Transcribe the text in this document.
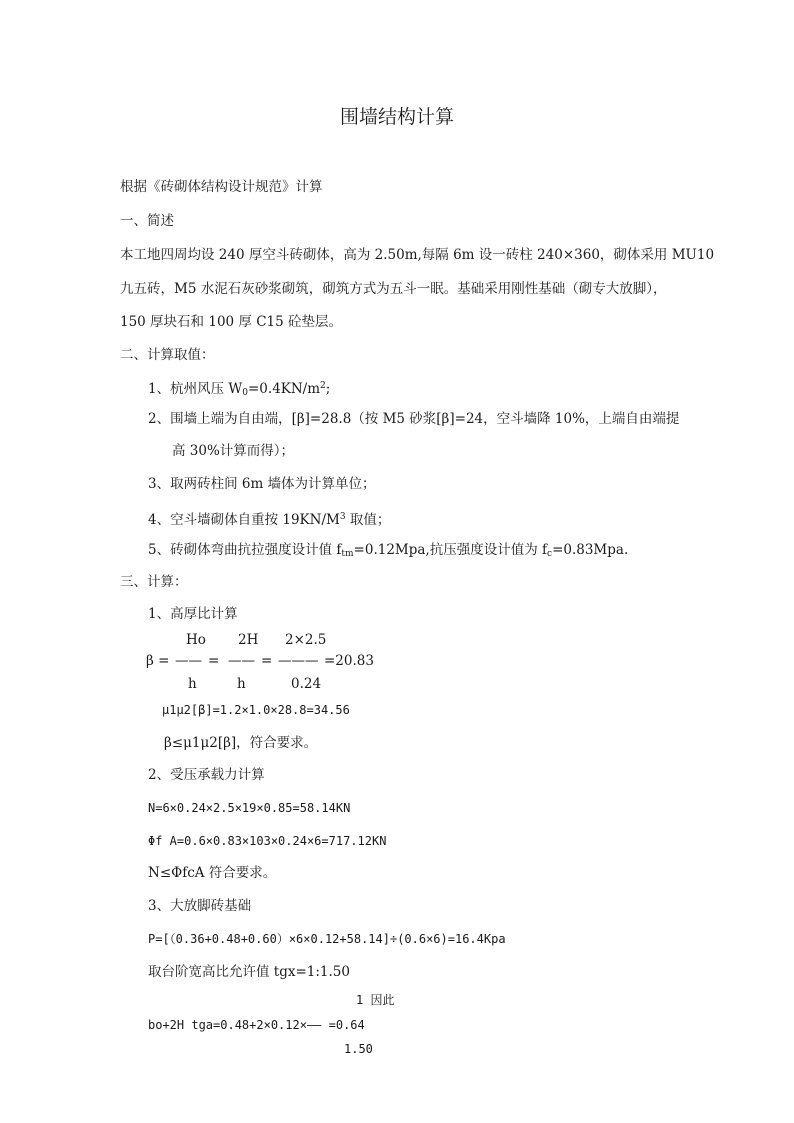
围墙结构计算
根据《砖砌体结构设计规范》计算
一、简述
本工地四周均设 240 厚空斗砖砌体，高为 2.50m,每隔 6m 设一砖柱 240×360，砌体采用 MU10
九五砖，M5 水泥石灰砂浆砌筑，砌筑方式为五斗一眠。基础采用刚性基础（砌专大放脚），
150 厚块石和 100 厚 C15 砼垫层。
二、计算取值：
1、杭州风压 $W_0=0.4KN/m^2$;
2、围墙上端为自由端，[β]=28.8（按 M5 砂浆[β]=24，空斗墙降 10%，上端自由端提
高 30%计算而得）；
3、取两砖柱间 6m 墙体为计算单位；
4、空斗墙砌体自重按 $19KN/M^3$ 取值；
5、砖砌体弯曲抗拉强度设计值 $f_{tm}=0.12Mpa$,抗压强度设计值为 $f_c=0.83Mpa$.
三、计算：
1、高厚比计算
Ho 2H 2×2.5
β = —— = —— = ——— =20.83
h	h	0.24
μ1μ2[β]=1.2×1.0×28.8=34.56
β≤μ1μ2[β]，符合要求。
2、受压承载力计算
N=6×0.24×2.5×19×0.85=58.14KN
Φf A=0.6×0.83×103×0.24×6=717.12KN
N≤ΦfcA 符合要求。
3、大放脚砖基础
P=[（0.36+0.48+0.60）×6×0.12+58.14]÷(0.6×6)=16.4Kpa
取台阶宽高比允许值 tgx=1:1.50
1 因此
bo+2H tga=0.48+2×0.12×—— =0.64
1.50
